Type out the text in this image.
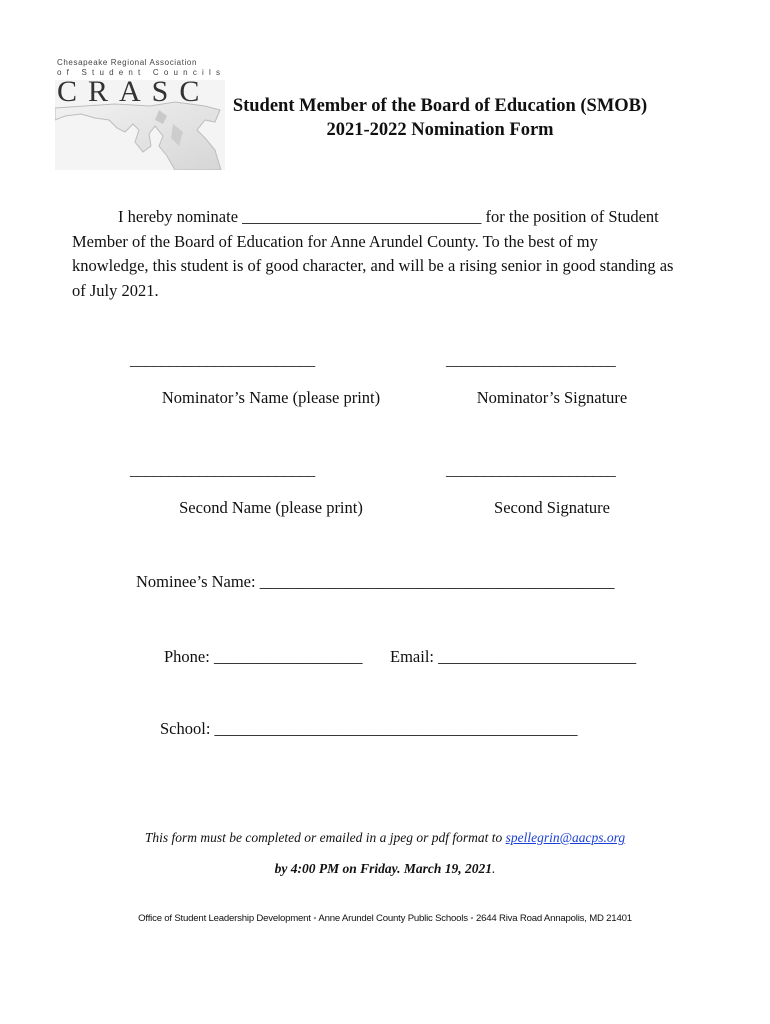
Chesapeake Regional Association
of Student Councils
CRASC	Student Member of the Board of Education (SMOB)
2021-2022 Nomination Form
I hereby nominate _____________________________ for the position of Student
Member of the Board of Education for Anne Arundel County. To the best of my
knowledge, this student is of good character, and will be a rising senior in good standing as
of July 2021.
________________________	______________________
Nominator’s Name (please print)	Nominator’s Signature
________________________	______________________
Second Name (please print)	Second Signature
Nominee’s Name: ___________________________________________
Phone: __________________ Email: ________________________
School: ____________________________________________
This form must be completed or emailed in a jpeg or pdf format to spellegrin@aacps.org
by 4:00 PM on Friday. March 19, 2021.
Office of Student Leadership Development ◦ Anne Arundel County Public Schools ◦ 2644 Riva Road Annapolis, MD 21401
